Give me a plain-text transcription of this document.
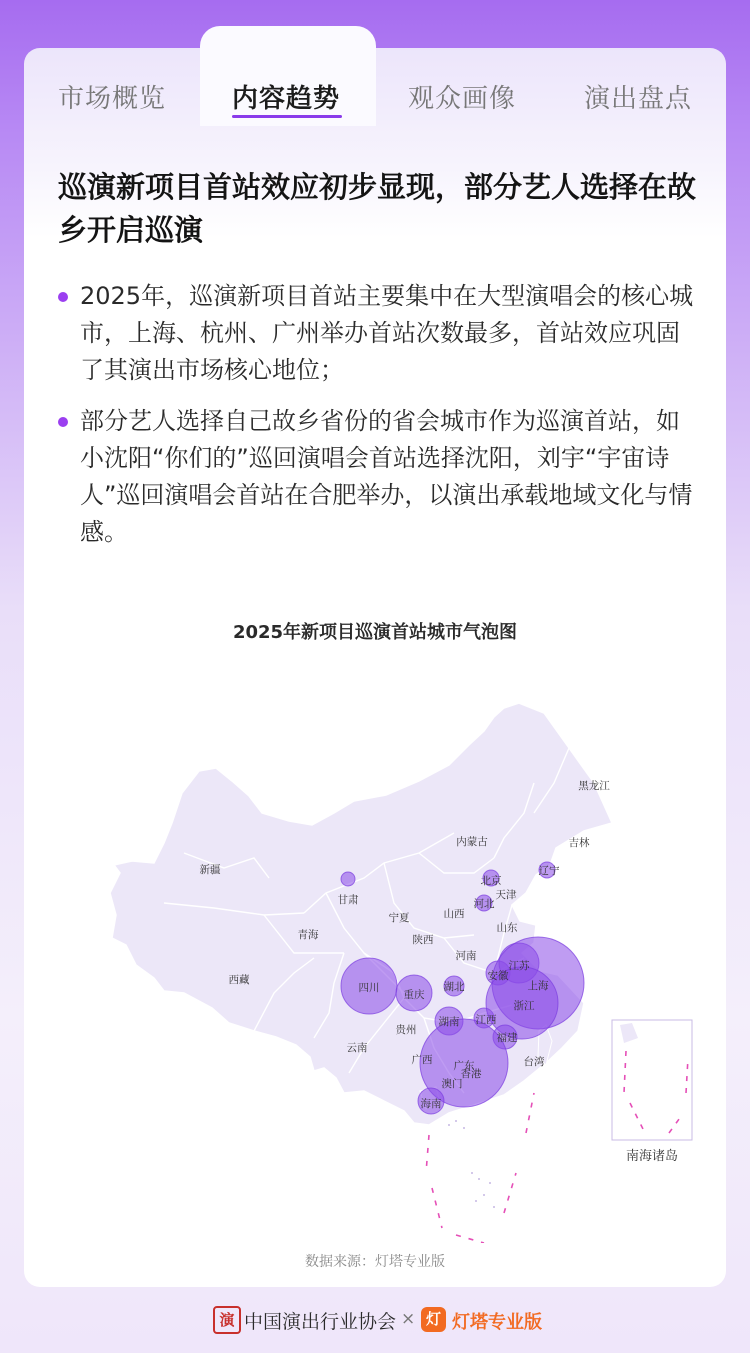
市场概览	内容趋势	观众画像	演出盘点
巡演新项目首站效应初步显现，部分艺人选择在故乡开启巡演
2025年，巡演新项目首站主要集中在大型演唱会的核心城市，上海、杭州、广州举办首站次数最多，首站效应巩固了其演出市场核心地位；
部分艺人选择自己故乡省份的省会城市作为巡演首站，如小沈阳“你们的”巡回演唱会首站选择沈阳，刘宇“宇宙诗人”巡回演唱会首站在合肥举办，以演出承载地域文化与情感。
2025年新项目巡演首站城市气泡图
南海诸岛
黑龙江
吉林
辽宁
内蒙古
北京
天津
河北
山西
山东
宁夏
甘肃
青海	陕西
河南
江苏
上海
安徽
浙江
湖北
四川
重庆
西藏
新疆
云南
贵州
湖南 江西
福建
广西 广东
香港
澳门
台湾
海南
数据来源：灯塔专业版
演 中国演出行业协会 × 灯 灯塔专业版
